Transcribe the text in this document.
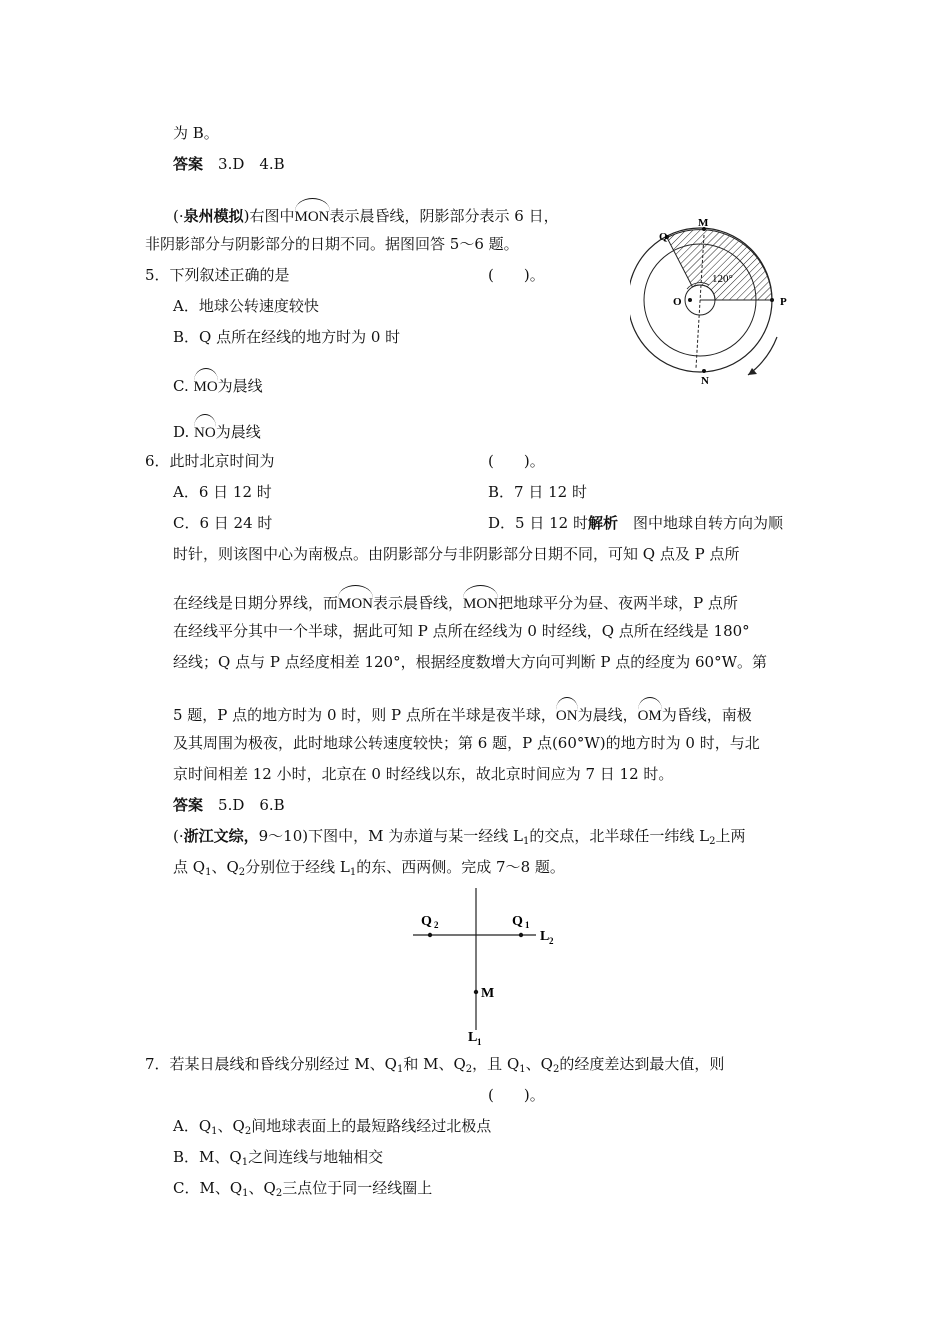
为 B。
答案　 3.D　4.B
(·泉州模拟)右图中MON表示晨昏线，阴影部分表示 6 日，
非阴影部分与阴影部分的日期不同。据图回答 5～6 题。
5．下列叙述正确的是	(　　)。
A．地球公转速度较快
B．Q 点所在经线的地方时为 0 时
C. MO为晨线
D. NO为晨线
6．此时北京时间为	(　　)。
A．6 日 12 时	B．7 日 12 时
C．6 日 24 时	D．5 日 12 时解析　图中地球自转方向为顺
时针，则该图中心为南极点。由阴影部分与非阴影部分日期不同，可知 Q 点及 P 点所
在经线是日期分界线，而MON表示晨昏线，MON把地球平分为昼、夜两半球，P 点所
在经线平分其中一个半球，据此可知 P 点所在经线为 0 时经线，Q 点所在经线是 180°
经线；Q 点与 P 点经度相差 120°，根据经度数增大方向可判断 P 点的经度为 60°W。第
5 题，P 点的地方时为 0 时，则 P 点所在半球是夜半球，ON为晨线，OM为昏线，南极
及其周围为极夜，此时地球公转速度较快；第 6 题，P 点(60°W)的地方时为 0 时，与北
京时间相差 12 小时，北京在 0 时经线以东，故北京时间应为 7 日 12 时。
答案　 5.D　6.B
(·浙江文综，9～10)下图中，M 为赤道与某一经线 $L_1$的交点，北半球任一纬线 $L_2$上两
点 $Q_1$、$Q_2$分别位于经线 $L_1$的东、西两侧。完成 7～8 题。
7．若某日晨线和昏线分别经过 M、$Q_1$和 M、$Q_2$，且 $Q_1$、$Q_2$的经度差达到最大值，则
(　　)。
A．$Q_1$、$Q_2$间地球表面上的最短路线经过北极点
B．M、$Q_1$之间连线与地轴相交
C．M、$Q_1$、$Q_2$三点位于同一经线圈上
120°
M
Q
O	P
N
Q 2	Q 1
L 2
M
L 1
